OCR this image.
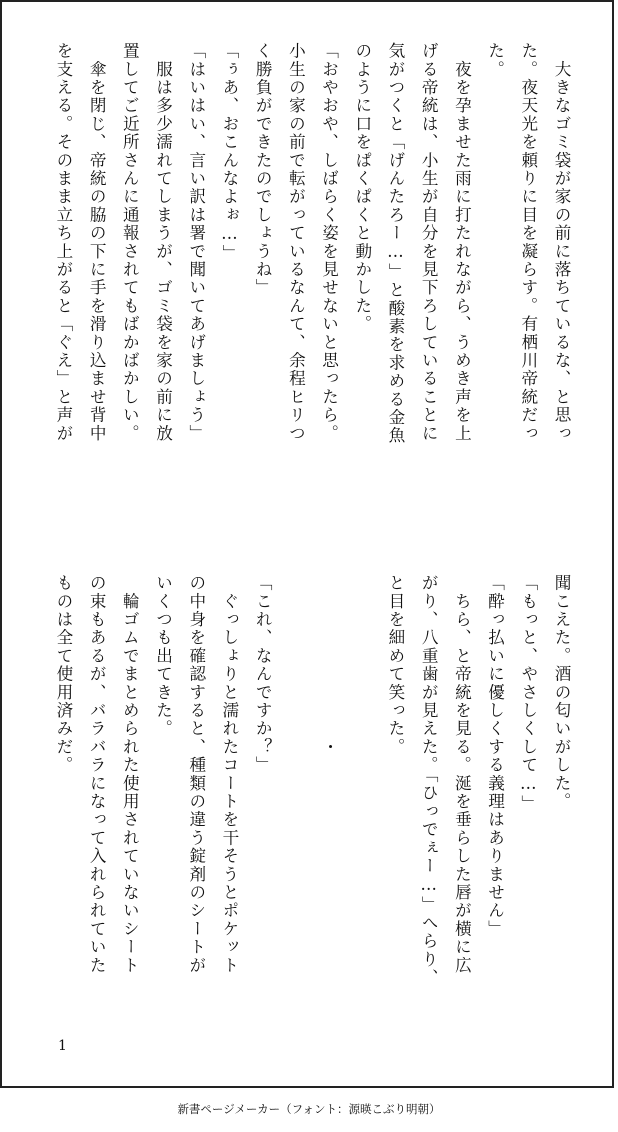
　大きなゴミ袋が家の前に落ちているな、と思っ
た。夜天光を頼りに目を凝らす。有栖川帝統だっ
た。
　夜を孕ませた雨に打たれながら、うめき声を上
げる帝統は、小生が自分を見下ろしていることに
気がつくと「げんたろー…」と酸素を求める金魚
のように口をぱくぱくと動かした。
「おやおや、しばらく姿を見せないと思ったら。
小生の家の前で転がっているなんて、余程ヒリつ
く勝負ができたのでしょうね」
「ぅあ、おこんなよぉ…」
「はいはい、言い訳は署で聞いてあげましょう」
　服は多少濡れてしまうが、ゴミ袋を家の前に放
置してご近所さんに通報されてもばかばかしい。
　傘を閉じ、帝統の脇の下に手を滑り込ませ背中
を支える。そのまま立ち上がると「ぐえ」と声が
聞こえた。酒の匂いがした。
「もっと、やさしくして…」
「酔っ払いに優しくする義理はありません」
　ちら、と帝統を見る。涎を垂らした唇が横に広
がり、八重歯が見えた。「ひっでぇー…」へらり、
と目を細めて笑った。

　　　　　　　　　・

「これ、なんですか？」
　ぐっしょりと濡れたコートを干そうとポケット
の中身を確認すると、種類の違う錠剤のシートが
いくつも出てきた。
　輪ゴムでまとめられた使用されていないシート
の束もあるが、バラバラになって入れられていた
ものは全て使用済みだ。
1
新書ページメーカー（フォント：源暎こぶり明朝）
